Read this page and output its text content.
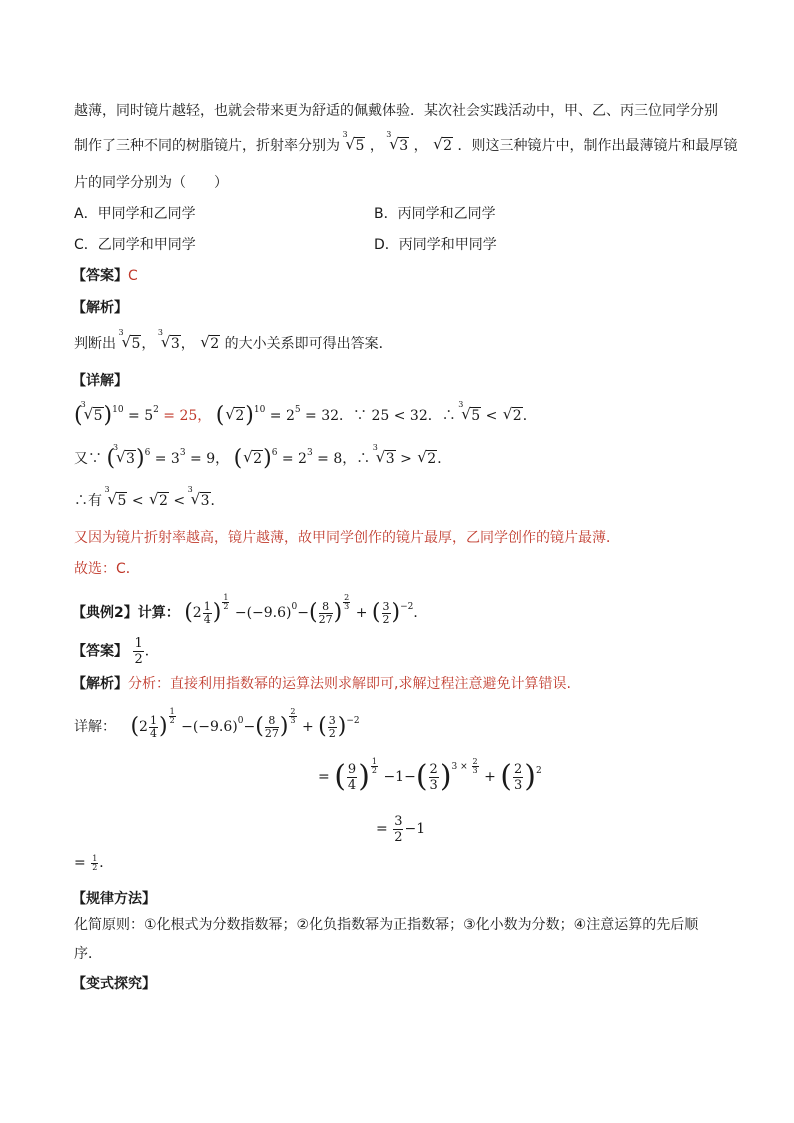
越薄，同时镜片越轻，也就会带来更为舒适的佩戴体验．某次社会实践活动中，甲、乙、丙三位同学分别
制作了三种不同的树脂镜片，折射率分别为
3
√ 5 ，
3
√ 3 ， √ 2 ．则这三种镜片中，制作出最薄镜片和最厚镜
片的同学分别为（　　）
A．甲同学和乙同学	B．丙同学和乙同学
C．乙同学和甲同学	D．丙同学和甲同学
【答案】C
【解析】
判断出
3
√ 5，
3
√ 3， √ 2 的大小关系即可得出答案．
【详解】
(
3
√ $5)^{10} = 5^2 = 25$， ( √ $2)^{10} = 2^5 = 32$．∵ 25 < 32．∴
3
√ 5 < √ 2．
又∵ (
3
√ $3)^6 = 3^3 = 9$， ( √ $2)^6 = 2^3 = 8$，∴
3
√ 3 > √ 2．
∴有
3
√ 5 < √ 2 <
3
√ 3．
又因为镜片折射率越高，镜片越薄，故甲同学创作的镜片最厚，乙同学创作的镜片最薄．
故选：C．
【典例2】计算： ($2 \frac{1}{4}$ ) $^{\frac{1}{2}}$
$-(-9.6)^0-( \frac{8}{27}$ ) $^{\frac{2}{3}}$
+ ( $\frac{3}{2} )^{-2}$．
【答案】 $\frac{1}{2}$ ．
【解析】分析：直接利用指数幂的运算法则求解即可,求解过程注意避免计算错误.
详解： ($2 \frac{1}{4}$ ) $^{\frac{1}{2}}$
$-(-9.6)^0-( \frac{8}{27}$ ) $^{\frac{2}{3}}$
+ ( $\frac{3}{2} )^{-2}$
= ( $\frac{9}{4}$ ) $^{\frac{1}{2}}$
$-1-( \frac{2}{3} )^{3 \times \frac{2}{3}}$
+ ( $\frac{2}{3} )^2$
= $\frac{3}{2} -1$
= $\frac{1}{2}$ ．
【规律方法】
化简原则：①化根式为分数指数幂；②化负指数幂为正指数幂；③化小数为分数；④注意运算的先后顺
序．
【变式探究】
